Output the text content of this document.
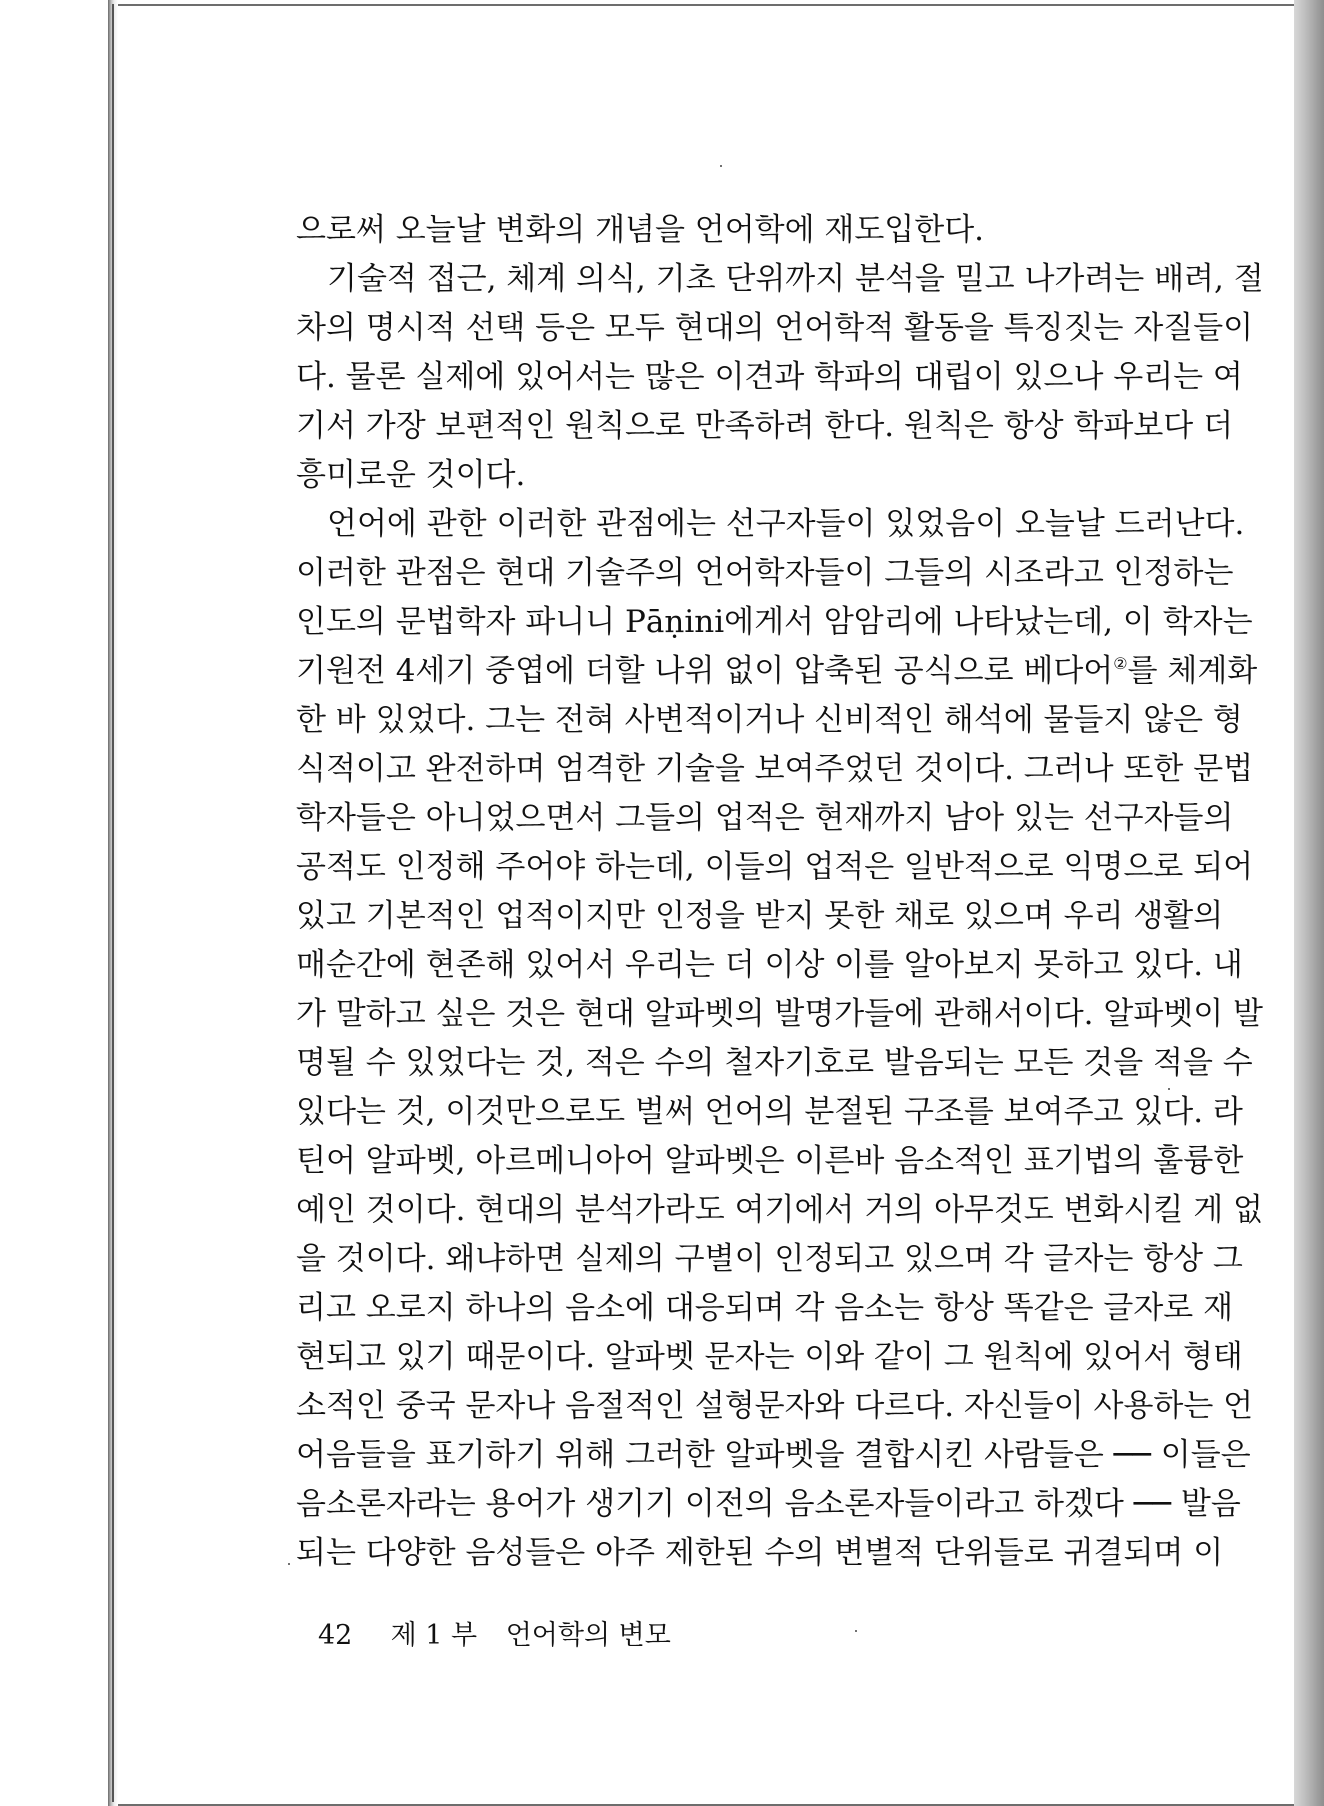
으로써 오늘날 변화의 개념을 언어학에 재도입한다.
기술적 접근, 체계 의식, 기초 단위까지 분석을 밀고 나가려는 배려, 절
차의 명시적 선택 등은 모두 현대의 언어학적 활동을 특징짓는 자질들이
다. 물론 실제에 있어서는 많은 이견과 학파의 대립이 있으나 우리는 여
기서 가장 보편적인 원칙으로 만족하려 한다. 원칙은 항상 학파보다 더
흥미로운 것이다.
언어에 관한 이러한 관점에는 선구자들이 있었음이 오늘날 드러난다.
이러한 관점은 현대 기술주의 언어학자들이 그들의 시조라고 인정하는
인도의 문법학자 파니니 Pāṇini에게서 암암리에 나타났는데, 이 학자는
기원전 4세기 중엽에 더할 나위 없이 압축된 공식으로 베다어②를 체계화
한 바 있었다. 그는 전혀 사변적이거나 신비적인 해석에 물들지 않은 형
식적이고 완전하며 엄격한 기술을 보여주었던 것이다. 그러나 또한 문법
학자들은 아니었으면서 그들의 업적은 현재까지 남아 있는 선구자들의
공적도 인정해 주어야 하는데, 이들의 업적은 일반적으로 익명으로 되어
있고 기본적인 업적이지만 인정을 받지 못한 채로 있으며 우리 생활의
매순간에 현존해 있어서 우리는 더 이상 이를 알아보지 못하고 있다. 내
가 말하고 싶은 것은 현대 알파벳의 발명가들에 관해서이다. 알파벳이 발
명될 수 있었다는 것, 적은 수의 철자기호로 발음되는 모든 것을 적을 수
있다는 것, 이것만으로도 벌써 언어의 분절된 구조를 보여주고 있다. 라
틴어 알파벳, 아르메니아어 알파벳은 이른바 음소적인 표기법의 훌륭한
예인 것이다. 현대의 분석가라도 여기에서 거의 아무것도 변화시킬 게 없
을 것이다. 왜냐하면 실제의 구별이 인정되고 있으며 각 글자는 항상 그
리고 오로지 하나의 음소에 대응되며 각 음소는 항상 똑같은 글자로 재
현되고 있기 때문이다. 알파벳 문자는 이와 같이 그 원칙에 있어서 형태
소적인 중국 문자나 음절적인 설형문자와 다르다. 자신들이 사용하는 언
어음들을 표기하기 위해 그러한 알파벳을 결합시킨 사람들은 ── 이들은
음소론자라는 용어가 생기기 이전의 음소론자들이라고 하겠다 ── 발음
되는 다양한 음성들은 아주 제한된 수의 변별적 단위들로 귀결되며 이
42 제 1 부 언어학의 변모
